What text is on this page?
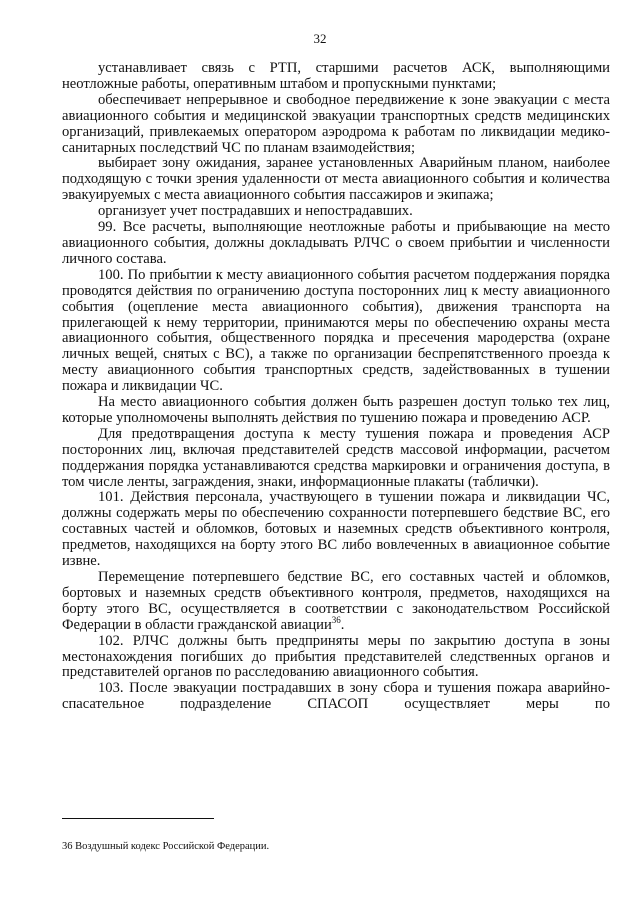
32

устанавливает связь с РТП, старшими расчетов АСК, выполняющими неотложные работы, оперативным штабом и пропускными пунктами;

обеспечивает непрерывное и свободное передвижение к зоне эвакуации с места авиационного события и медицинской эвакуации транспортных средств медицинских организаций, привлекаемых оператором аэродрома к работам по ликвидации медико-санитарных последствий ЧС по планам взаимодействия;

выбирает зону ожидания, заранее установленных Аварийным планом, наиболее подходящую с точки зрения удаленности от места авиационного события и количества эвакуируемых с места авиационного события пассажиров и экипажа;

организует учет пострадавших и непострадавших.

99. Все расчеты, выполняющие неотложные работы и прибывающие на место авиационного события, должны докладывать РЛЧС о своем прибытии и численности личного состава.

100. По прибытии к месту авиационного события расчетом поддержания порядка проводятся действия по ограничению доступа посторонних лиц к месту авиационного события (оцепление места авиационного события), движения транспорта на прилегающей к нему территории, принимаются меры по обеспечению охраны места авиационного события, общественного порядка и пресечения мародерства (охране личных вещей, снятых с ВС), а также по организации беспрепятственного проезда к месту авиационного события транспортных средств, задействованных в тушении пожара и ликвидации ЧС.

На место авиационного события должен быть разрешен доступ только тех лиц, которые уполномочены выполнять действия по тушению пожара и проведению АСР.

Для предотвращения доступа к месту тушения пожара и проведения АСР посторонних лиц, включая представителей средств массовой информации, расчетом поддержания порядка устанавливаются средства маркировки и ограничения доступа, в том числе ленты, заграждения, знаки, информационные плакаты (таблички).

101. Действия персонала, участвующего в тушении пожара и ликвидации ЧС, должны содержать меры по обеспечению сохранности потерпевшего бедствие ВС, его составных частей и обломков, ботовых и наземных средств объективного контроля, предметов, находящихся на борту этого ВС либо вовлеченных в авиационное событие извне.

Перемещение потерпевшего бедствие ВС, его составных частей и обломков, бортовых и наземных средств объективного контроля, предметов, находящихся на борту этого ВС, осуществляется в соответствии с законодательством Российской Федерации в области гражданской авиации$^{36}$.

102. РЛЧС должны быть предприняты меры по закрытию доступа в зоны местонахождения погибших до прибытия представителей следственных органов и представителей органов по расследованию авиационного события.

103. После эвакуации пострадавших в зону сбора и тушения пожара аварийно-спасательное подразделение СПАСОП осуществляет меры по

36 Воздушный кодекс Российской Федерации.
